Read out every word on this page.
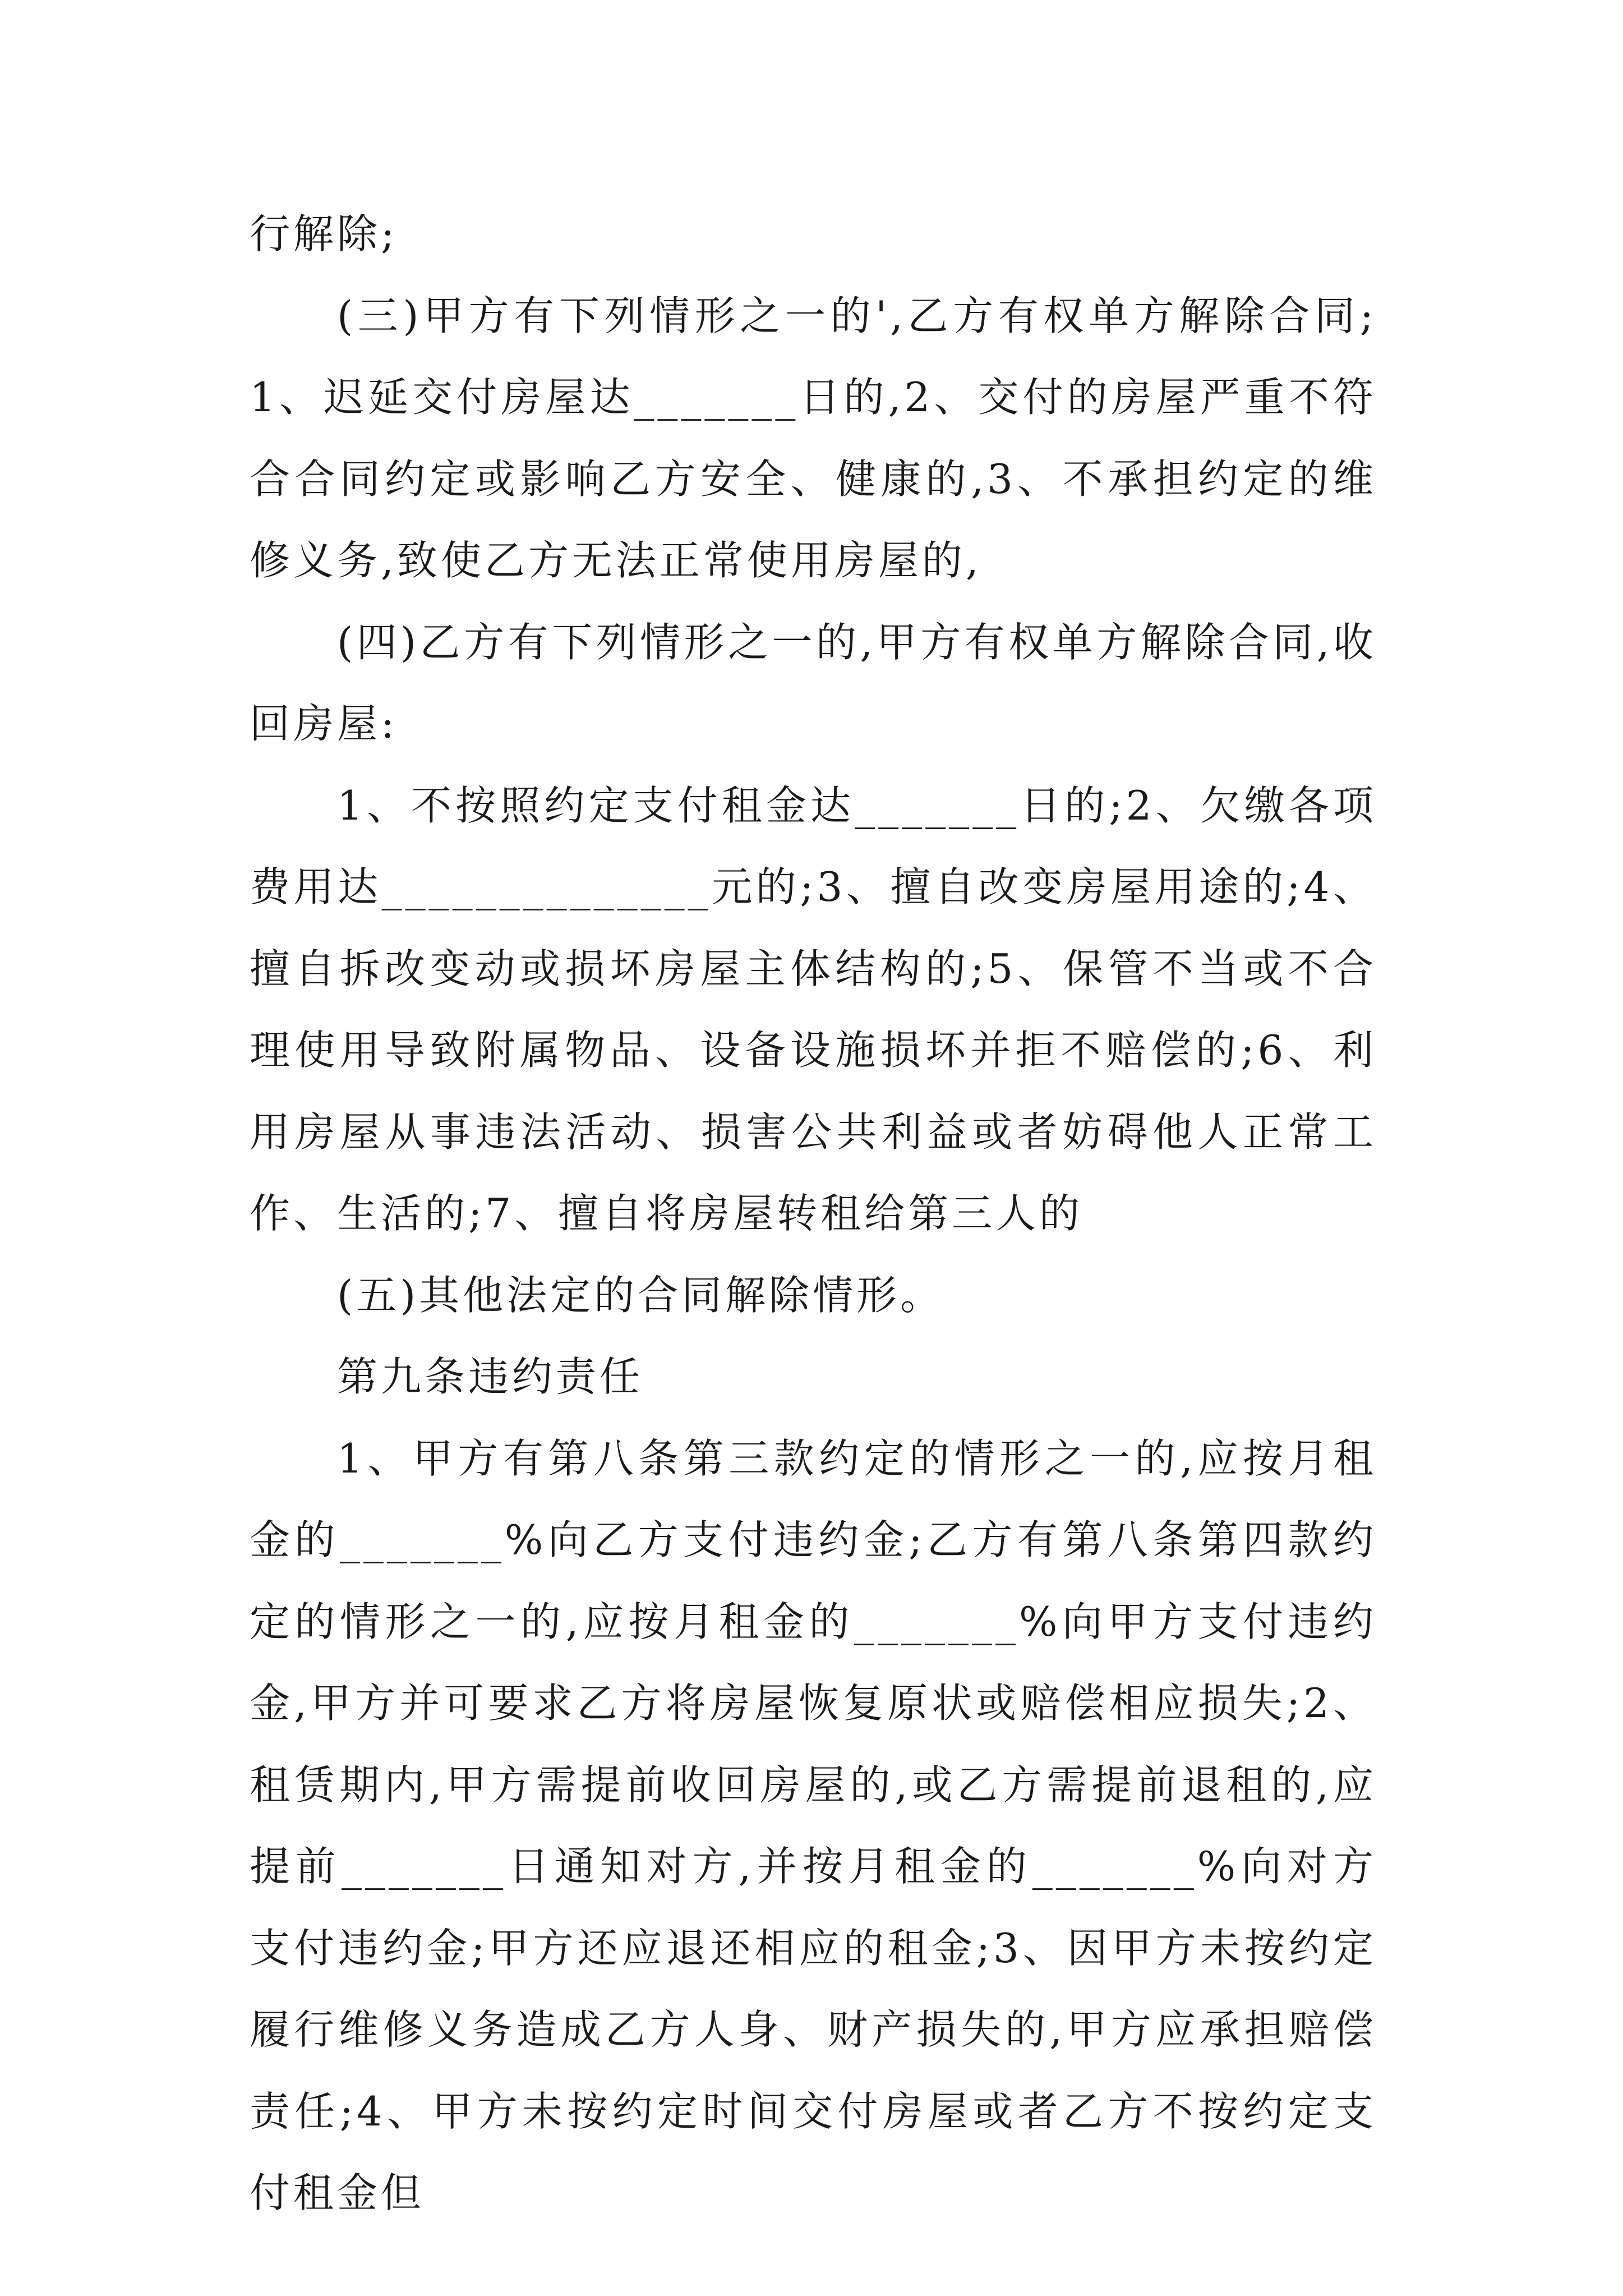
行解除;

(三)甲方有下列情形之一的',乙方有权单方解除合同;1、迟延交付房屋达_______日的,2、交付的房屋严重不符合合同约定或影响乙方安全、健康的,3、不承担约定的维修义务,致使乙方无法正常使用房屋的,

(四)乙方有下列情形之一的,甲方有权单方解除合同,收回房屋:

1、不按照约定支付租金达_______日的;2、欠缴各项费用达______________元的;3、擅自改变房屋用途的;4、擅自拆改变动或损坏房屋主体结构的;5、保管不当或不合理使用导致附属物品、设备设施损坏并拒不赔偿的;6、利用房屋从事违法活动、损害公共利益或者妨碍他人正常工作、生活的;7、擅自将房屋转租给第三人的

(五)其他法定的合同解除情形。

第九条违约责任

1、甲方有第八条第三款约定的情形之一的,应按月租金的_______%向乙方支付违约金;乙方有第八条第四款约定的情形之一的,应按月租金的_______%向甲方支付违约金,甲方并可要求乙方将房屋恢复原状或赔偿相应损失;2、租赁期内,甲方需提前收回房屋的,或乙方需提前退租的,应提前_______日通知对方,并按月租金的_______%向对方支付违约金;甲方还应退还相应的租金;3、因甲方未按约定履行维修义务造成乙方人身、财产损失的,甲方应承担赔偿责任;4、甲方未按约定时间交付房屋或者乙方不按约定支付租金但
